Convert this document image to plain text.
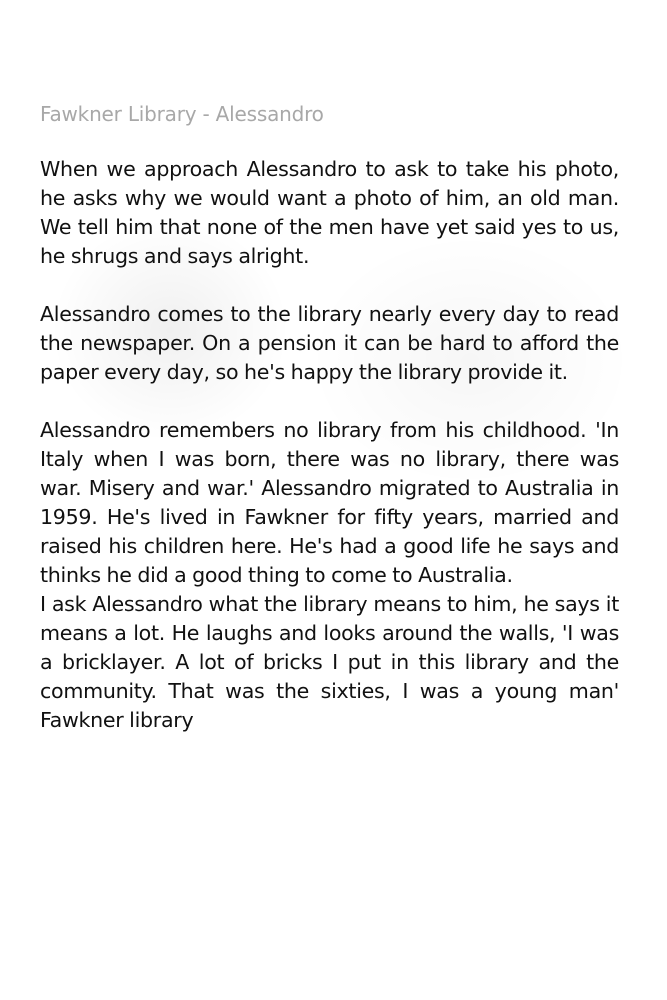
Fawkner Library - Alessandro

When we approach Alessandro to ask to take his photo, he asks why we would want a photo of him, an old man. We tell him that none of the men have yet said yes to us, he shrugs and says alright.

Alessandro comes to the library nearly every day to read the newspaper. On a pension it can be hard to afford the paper every day, so he's happy the library provide it.

Alessandro remembers no library from his childhood. 'In Italy when I was born, there was no library, there was war. Misery and war.' Alessandro migrated to Australia in 1959. He's lived in Fawkner for fifty years, married and raised his children here. He's had a good life he says and thinks he did a good thing to come to Australia.

I ask Alessandro what the library means to him, he says it means a lot. He laughs and looks around the walls, 'I was a bricklayer. A lot of bricks I put in this library and the community. That was the sixties, I was a young man' Fawkner library
